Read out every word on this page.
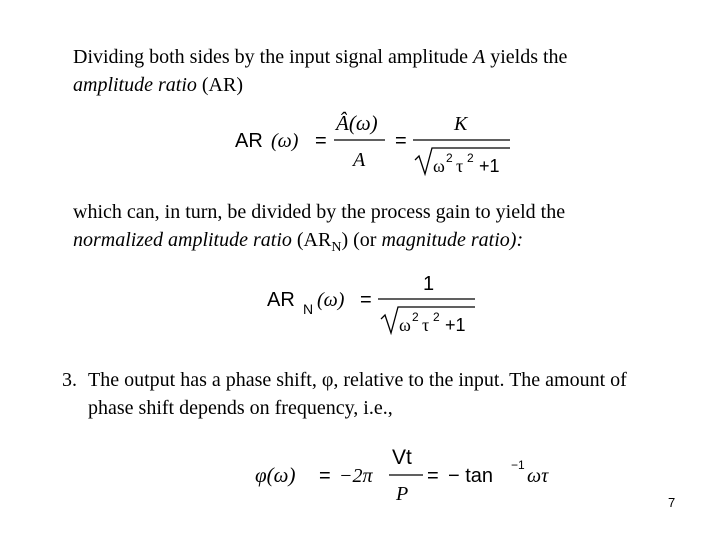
Dividing both sides by the input signal amplitude A yields the
amplitude ratio (AR)
AR (ω) =
Â(ω)
A
=
K
ω 2 τ 2 +1
which can, in turn, be divided by the process gain to yield the
normalized amplitude ratio $(AR_N)$ (or magnitude ratio):
AR N (ω) =
1
ω 2 τ 2 +1
3. The output has a phase shift, φ, relative to the input. The amount of phase shift depends on frequency, i.e.,
φ(ω) = −2π
Vt
P
= − tan −1 ωτ
7
